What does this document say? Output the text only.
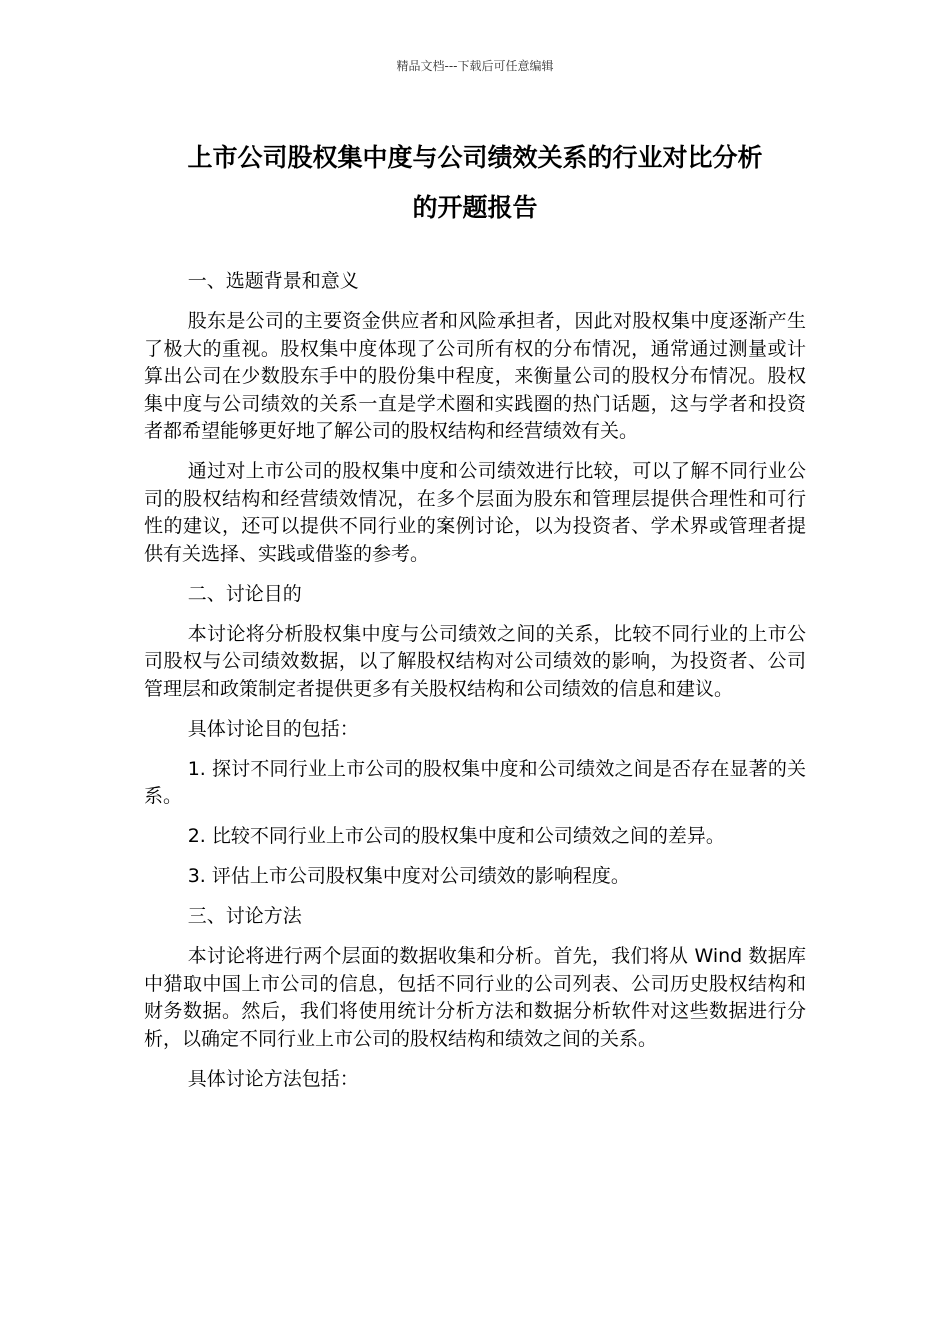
精品文档---下载后可任意编辑
上市公司股权集中度与公司绩效关系的行业对比分析
的开题报告

一、选题背景和意义

股东是公司的主要资金供应者和风险承担者，因此对股权集中度逐渐产生了极大的重视。股权集中度体现了公司所有权的分布情况，通常通过测量或计算出公司在少数股东手中的股份集中程度，来衡量公司的股权分布情况。股权集中度与公司绩效的关系一直是学术圈和实践圈的热门话题，这与学者和投资者都希望能够更好地了解公司的股权结构和经营绩效有关。

通过对上市公司的股权集中度和公司绩效进行比较，可以了解不同行业公司的股权结构和经营绩效情况，在多个层面为股东和管理层提供合理性和可行性的建议，还可以提供不同行业的案例讨论，以为投资者、学术界或管理者提供有关选择、实践或借鉴的参考。

二、讨论目的

本讨论将分析股权集中度与公司绩效之间的关系，比较不同行业的上市公司股权与公司绩效数据，以了解股权结构对公司绩效的影响，为投资者、公司管理层和政策制定者提供更多有关股权结构和公司绩效的信息和建议。

具体讨论目的包括：

1. 探讨不同行业上市公司的股权集中度和公司绩效之间是否存在显著的关系。

2. 比较不同行业上市公司的股权集中度和公司绩效之间的差异。

3. 评估上市公司股权集中度对公司绩效的影响程度。

三、讨论方法

本讨论将进行两个层面的数据收集和分析。首先，我们将从 Wind 数据库中猎取中国上市公司的信息，包括不同行业的公司列表、公司历史股权结构和财务数据。然后，我们将使用统计分析方法和数据分析软件对这些数据进行分析，以确定不同行业上市公司的股权结构和绩效之间的关系。

具体讨论方法包括：
